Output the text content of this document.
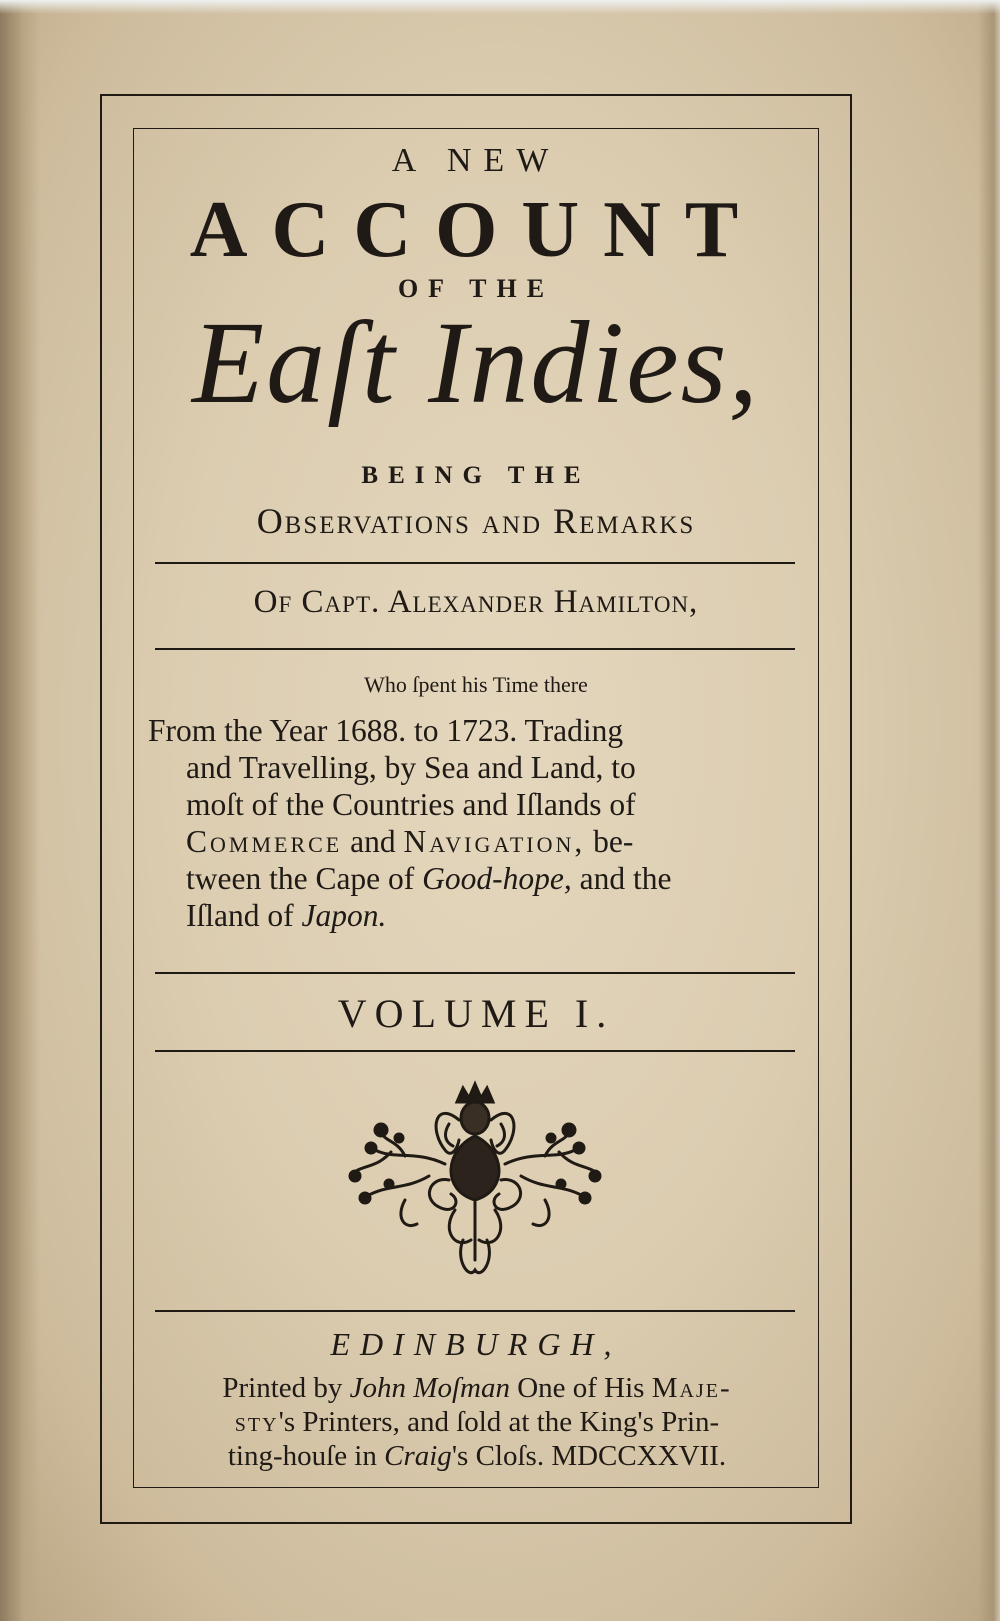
A NEW
ACCOUNT
OF THE
Eaſt Indies,
BEING THE
Observations and Remarks
Of Capt. Alexander Hamilton,
Who ſpent his Time there
From the Year 1688. to 1723. Trading
and Travelling, by Sea and Land, to
moſt of the Countries and Iſlands of
Commerce and Navigation, be-
tween the Cape of Good-hope, and the
Iſland of Japon.
VOLUME I.
EDINBURGH,
Printed by John Moſman One of His Maje-
sty's Printers, and ſold at the King's Prin-
ting-houſe in Craig's Cloſs. MDCCXXVII.
